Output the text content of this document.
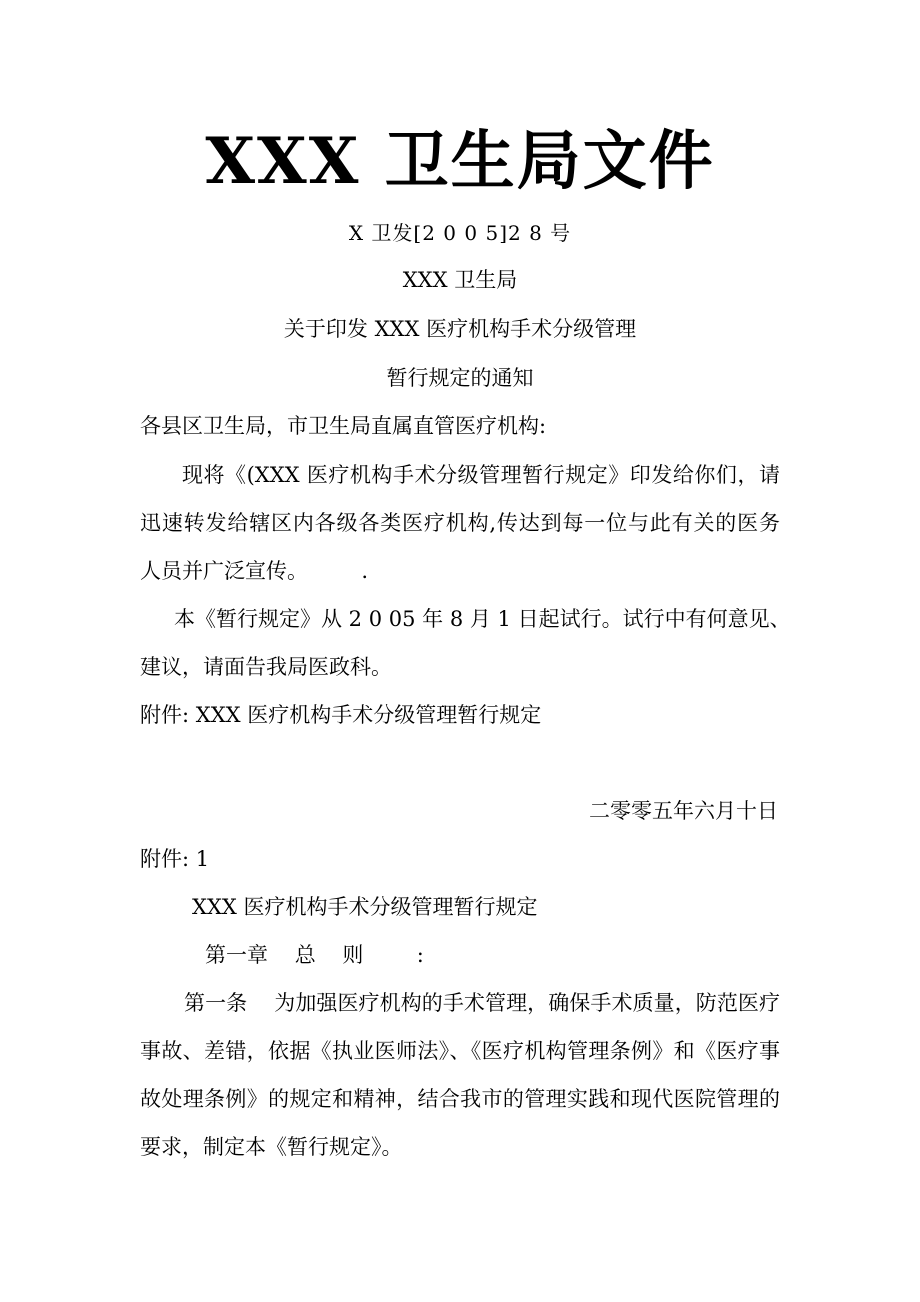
XXX 卫生局文件
X 卫发[2 0 0 5]2 8 号
XXX 卫生局
关于印发 XXX 医疗机构手术分级管理
暂行规定的通知
各县区卫生局，市卫生局直属直管医疗机构:
现将《(XXX 医疗机构手术分级管理暂行规定》印发给你们，请
迅速转发给辖区内各级各类医疗机构,传达到每一位与此有关的医务
人员并广泛宣传。        .
本《暂行规定》从 2 0 05 年 8 月 1 日起试行。试行中有何意见、
建议，请面告我局医政科。
附件: XXX 医疗机构手术分级管理暂行规定
二零零五年六月十日
附件: 1
XXX 医疗机构手术分级管理暂行规定
第一章    总    则        :
第一条    为加强医疗机构的手术管理，确保手术质量，防范医疗
事故、差错，依据《执业医师法》、《医疗机构管理条例》和《医疗事
故处理条例》的规定和精神，结合我市的管理实践和现代医院管理的
要求，制定本《暂行规定》。
